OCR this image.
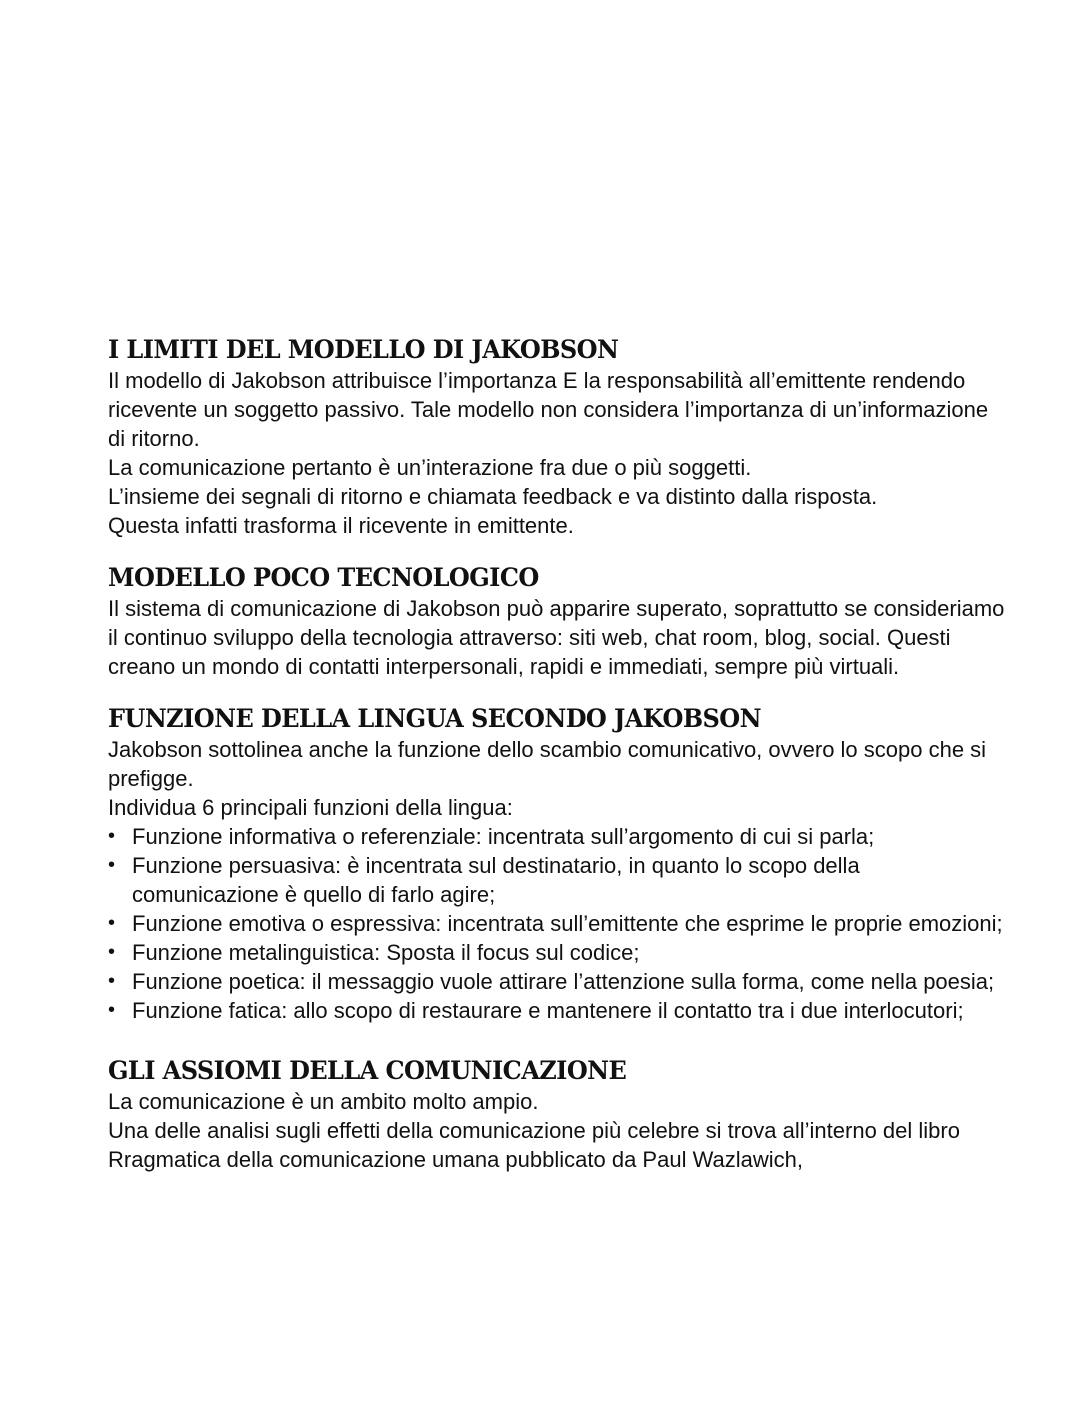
I LIMITI DEL MODELLO DI JAKOBSON

Il modello di Jakobson attribuisce l’importanza E la responsabilità all’emittente rendendo ricevente un soggetto passivo. Tale modello non considera l’importanza di un’informazione di ritorno.

La comunicazione pertanto è un’interazione fra due o più soggetti.

L’insieme dei segnali di ritorno e chiamata feedback e va distinto dalla risposta.

Questa infatti trasforma il ricevente in emittente.

MODELLO POCO TECNOLOGICO

Il sistema di comunicazione di Jakobson può apparire superato, soprattutto se consideriamo il continuo sviluppo della tecnologia attraverso: siti web, chat room, blog, social. Questi creano un mondo di contatti interpersonali, rapidi e immediati, sempre più virtuali.

FUNZIONE DELLA LINGUA SECONDO JAKOBSON

Jakobson sottolinea anche la funzione dello scambio comunicativo, ovvero lo scopo che si prefigge.

Individua 6 principali funzioni della lingua:

• Funzione informativa o referenziale: incentrata sull’argomento di cui si parla;
• Funzione persuasiva: è incentrata sul destinatario, in quanto lo scopo della comunicazione è quello di farlo agire;
• Funzione emotiva o espressiva: incentrata sull’emittente che esprime le proprie emozioni;
• Funzione metalinguistica: Sposta il focus sul codice;
• Funzione poetica: il messaggio vuole attirare l’attenzione sulla forma, come nella poesia;
• Funzione fatica: allo scopo di restaurare e mantenere il contatto tra i due interlocutori;
GLI ASSIOMI DELLA COMUNICAZIONE

La comunicazione è un ambito molto ampio.

Una delle analisi sugli effetti della comunicazione più celebre si trova all’interno del libro Rragmatica della comunicazione umana pubblicato da Paul Wazlawich,
